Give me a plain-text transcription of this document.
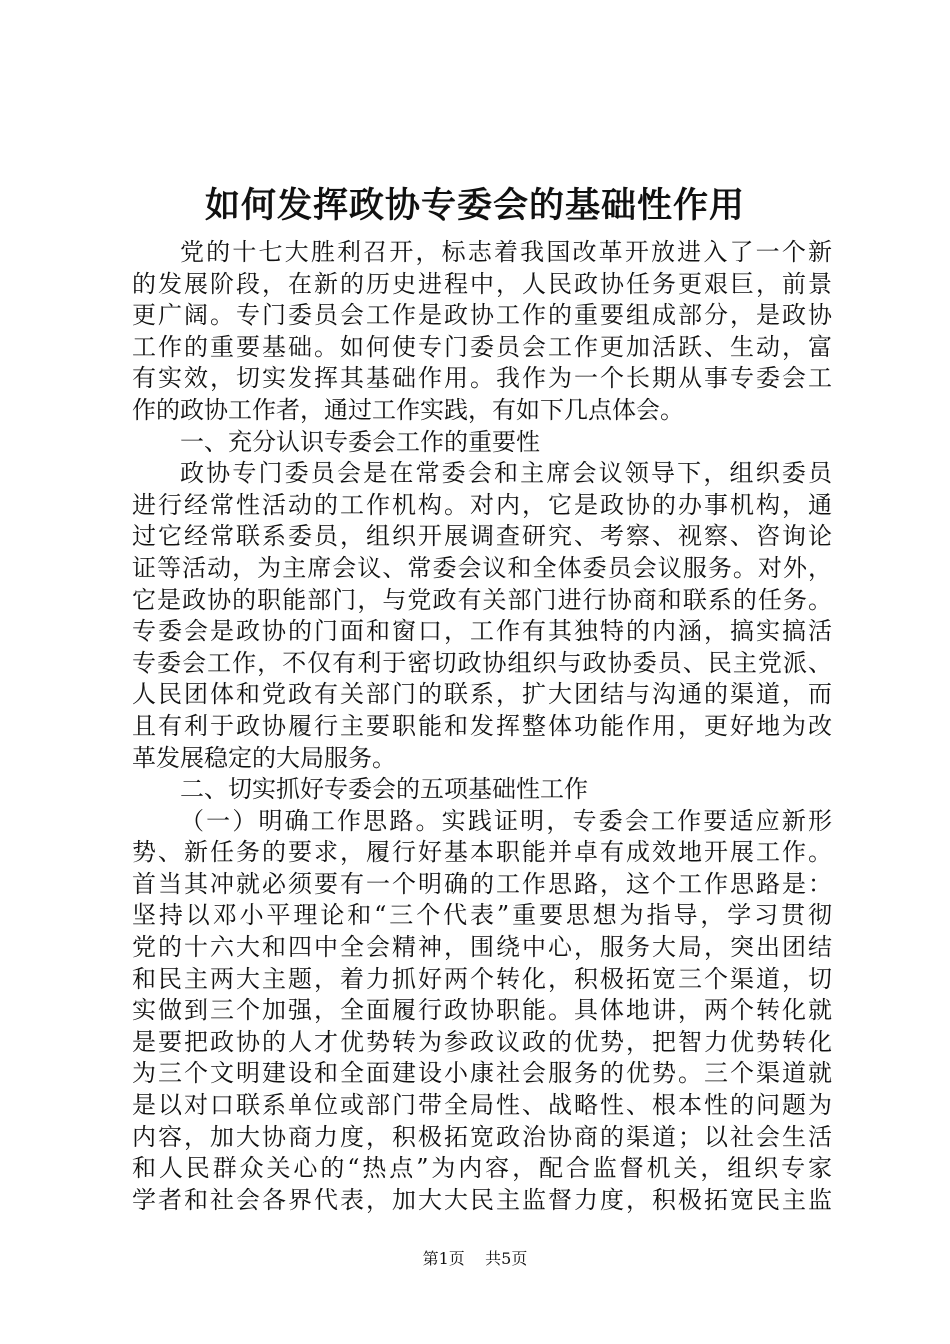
如何发挥政协专委会的基础性作用
党的十七大胜利召开，标志着我国改革开放进入了一个新
的发展阶段，在新的历史进程中，人民政协任务更艰巨，前景
更广阔。专门委员会工作是政协工作的重要组成部分，是政协
工作的重要基础。如何使专门委员会工作更加活跃、生动，富
有实效，切实发挥其基础作用。我作为一个长期从事专委会工
作的政协工作者，通过工作实践，有如下几点体会。
一、充分认识专委会工作的重要性
政协专门委员会是在常委会和主席会议领导下，组织委员
进行经常性活动的工作机构。对内，它是政协的办事机构，通
过它经常联系委员，组织开展调查研究、考察、视察、咨询论
证等活动，为主席会议、常委会议和全体委员会议服务。对外，
它是政协的职能部门，与党政有关部门进行协商和联系的任务。
专委会是政协的门面和窗口，工作有其独特的内涵，搞实搞活
专委会工作，不仅有利于密切政协组织与政协委员、民主党派、
人民团体和党政有关部门的联系，扩大团结与沟通的渠道，而
且有利于政协履行主要职能和发挥整体功能作用，更好地为改
革发展稳定的大局服务。
二、切实抓好专委会的五项基础性工作
（一）明确工作思路。实践证明，专委会工作要适应新形
势、新任务的要求，履行好基本职能并卓有成效地开展工作。
首当其冲就必须要有一个明确的工作思路，这个工作思路是：
坚持以邓小平理论和“三个代表”重要思想为指导，学习贯彻
党的十六大和四中全会精神，围绕中心，服务大局，突出团结
和民主两大主题，着力抓好两个转化，积极拓宽三个渠道，切
实做到三个加强，全面履行政协职能。具体地讲，两个转化就
是要把政协的人才优势转为参政议政的优势，把智力优势转化
为三个文明建设和全面建设小康社会服务的优势。三个渠道就
是以对口联系单位或部门带全局性、战略性、根本性的问题为
内容，加大协商力度，积极拓宽政治协商的渠道；以社会生活
和人民群众关心的“热点”为内容，配合监督机关，组织专家
学者和社会各界代表，加大大民主监督力度，积极拓宽民主监
第1页 共5页
